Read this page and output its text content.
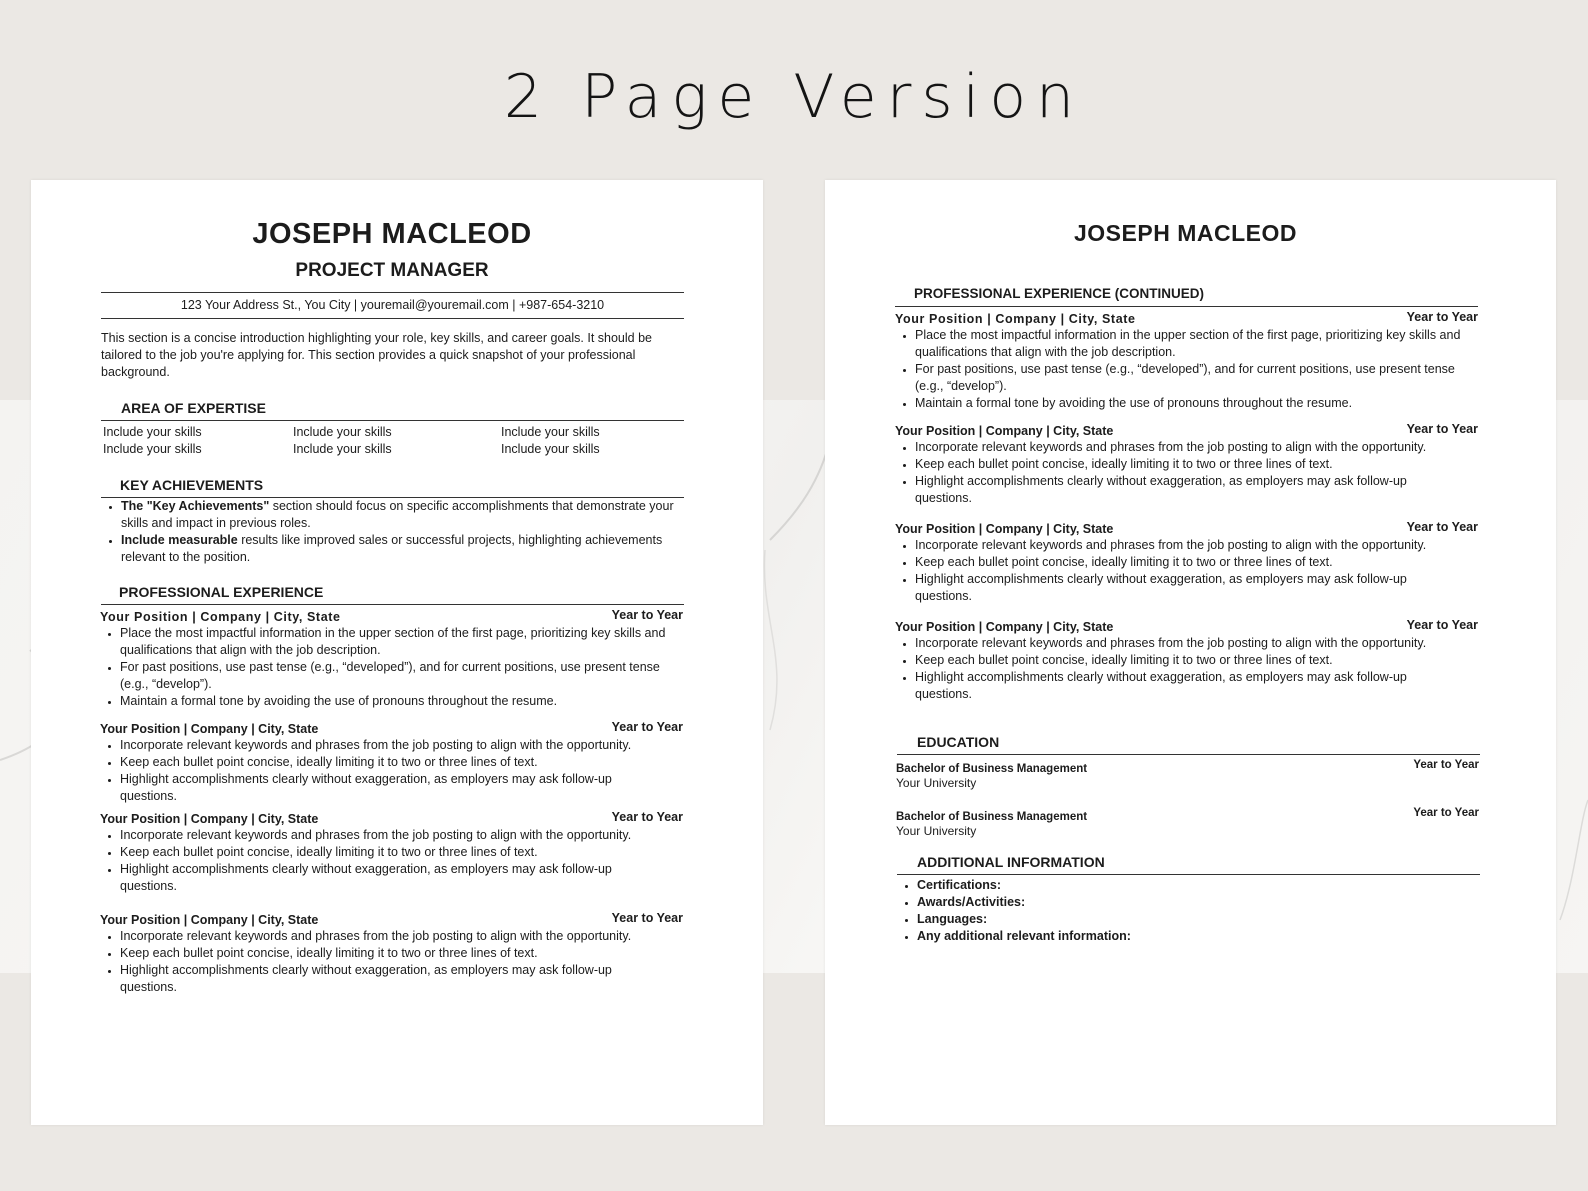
2 Page Version
JOSEPH MACLEOD
PROJECT MANAGER
123 Your Address St., You City | youremail@youremail.com | +987-654-3210
This section is a concise introduction highlighting your role, key skills, and career goals. It should be tailored to the job you're applying for. This section provides a quick snapshot of your professional background.
AREA OF EXPERTISE
Include your skills	Include your skills	Include your skills
Include your skills	Include your skills	Include your skills
KEY ACHIEVEMENTS
• The "Key Achievements" section should focus on specific accomplishments that demonstrate your skills and impact in previous roles.
• Include measurable results like improved sales or successful projects, highlighting achievements relevant to the position.
PROFESSIONAL EXPERIENCE
Your Position | Company | City, State	Year to Year
• Place the most impactful information in the upper section of the first page, prioritizing key skills and qualifications that align with the job description.
• For past positions, use past tense (e.g., “developed”), and for current positions, use present tense (e.g., “develop”).
• Maintain a formal tone by avoiding the use of pronouns throughout the resume.
Your Position | Company | City, State	Year to Year
• Incorporate relevant keywords and phrases from the job posting to align with the opportunity.
• Keep each bullet point concise, ideally limiting it to two or three lines of text.
• Highlight accomplishments clearly without exaggeration, as employers may ask follow-up questions.
Your Position | Company | City, State	Year to Year
• Incorporate relevant keywords and phrases from the job posting to align with the opportunity.
• Keep each bullet point concise, ideally limiting it to two or three lines of text.
• Highlight accomplishments clearly without exaggeration, as employers may ask follow-up questions.
Your Position | Company | City, State	Year to Year
• Incorporate relevant keywords and phrases from the job posting to align with the opportunity.
• Keep each bullet point concise, ideally limiting it to two or three lines of text.
• Highlight accomplishments clearly without exaggeration, as employers may ask follow-up questions.
JOSEPH MACLEOD
PROFESSIONAL EXPERIENCE (CONTINUED)
Your Position | Company | City, State	Year to Year
• Place the most impactful information in the upper section of the first page, prioritizing key skills and qualifications that align with the job description.
• For past positions, use past tense (e.g., “developed”), and for current positions, use present tense (e.g., “develop”).
• Maintain a formal tone by avoiding the use of pronouns throughout the resume.
Your Position | Company | City, State	Year to Year
• Incorporate relevant keywords and phrases from the job posting to align with the opportunity.
• Keep each bullet point concise, ideally limiting it to two or three lines of text.
• Highlight accomplishments clearly without exaggeration, as employers may ask follow-up questions.
Your Position | Company | City, State	Year to Year
• Incorporate relevant keywords and phrases from the job posting to align with the opportunity.
• Keep each bullet point concise, ideally limiting it to two or three lines of text.
• Highlight accomplishments clearly without exaggeration, as employers may ask follow-up questions.
Your Position | Company | City, State	Year to Year
• Incorporate relevant keywords and phrases from the job posting to align with the opportunity.
• Keep each bullet point concise, ideally limiting it to two or three lines of text.
• Highlight accomplishments clearly without exaggeration, as employers may ask follow-up questions.
EDUCATION
Bachelor of Business Management	Year to Year
Your University
Bachelor of Business Management	Year to Year
Your University
ADDITIONAL INFORMATION
• Certifications:
• Awards/Activities:
• Languages:
• Any additional relevant information:
